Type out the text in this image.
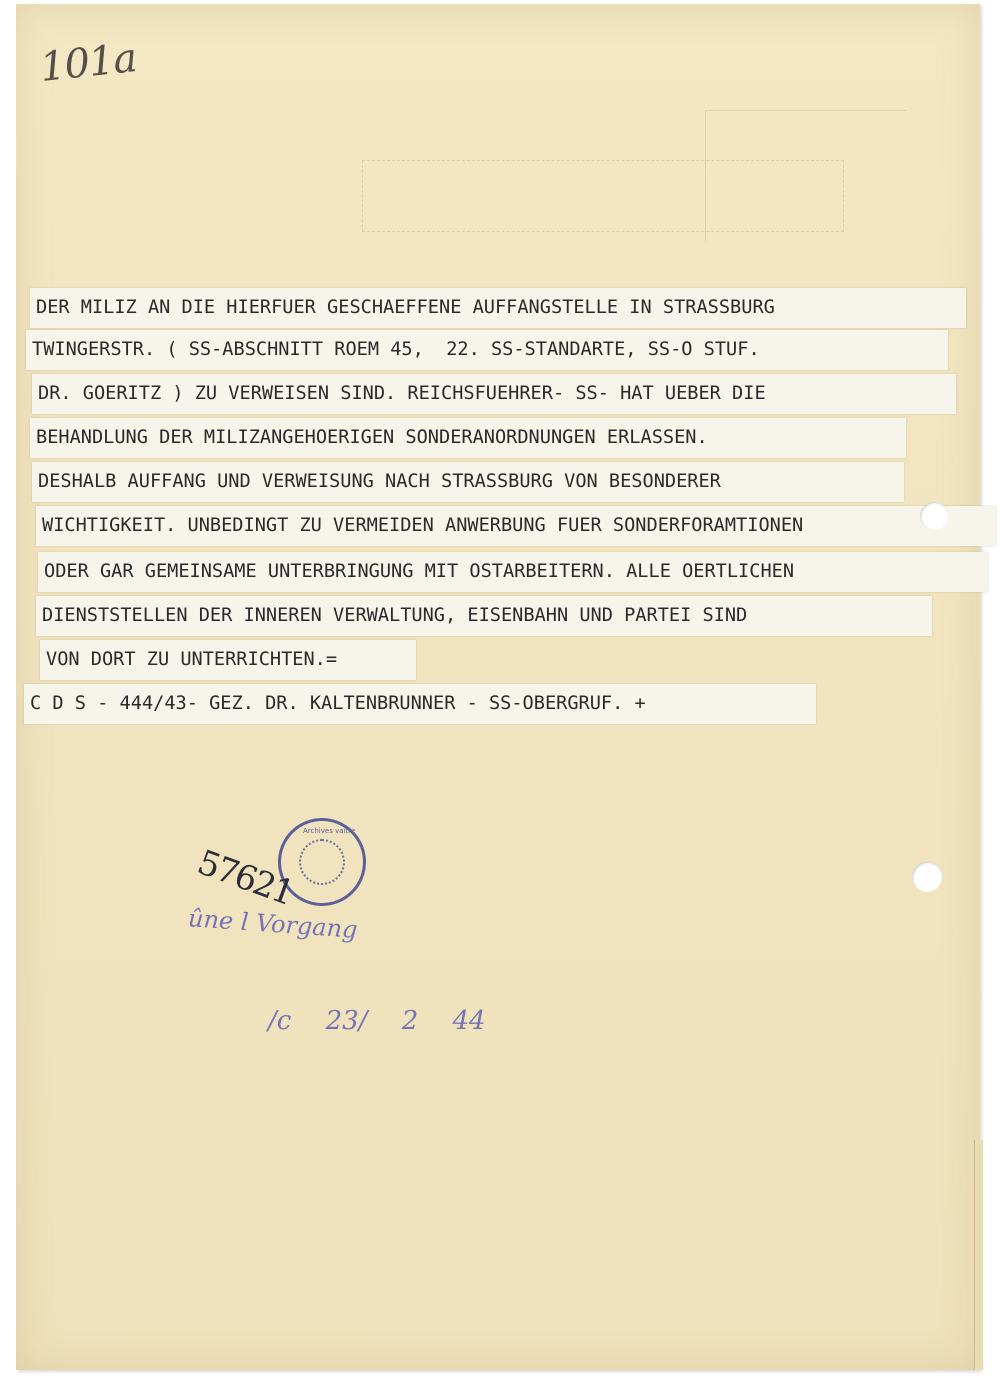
101a
DER MILIZ AN DIE HIERFUER GESCHAEFFENE AUFFANGSTELLE IN STRASSBURG
TWINGERSTR. ( SS-ABSCHNITT ROEM 45,  22. SS-STANDARTE, SS-O STUF.
DR. GOERITZ ) ZU VERWEISEN SIND. REICHSFUEHRER- SS- HAT UEBER DIE
BEHANDLUNG DER MILIZANGEHOERIGEN SONDERANORDNUNGEN ERLASSEN.
DESHALB AUFFANG UND VERWEISUNG NACH STRASSBURG VON BESONDERER
WICHTIGKEIT. UNBEDINGT ZU VERMEIDEN ANWERBUNG FUER SONDERFORAMTIONEN
ODER GAR GEMEINSAME UNTERBRINGUNG MIT OSTARBEITERN. ALLE OERTLICHEN
DIENSTSTELLEN DER INNEREN VERWALTUNG, EISENBAHN UND PARTEI SIND
VON DORT ZU UNTERRICHTEN.=
C D S - 444/43- GEZ. DR. KALTENBRUNNER - SS-OBERGRUF. +
Archives vaitre
57621
ûne l Vorgang
/c 23/ 2 44
